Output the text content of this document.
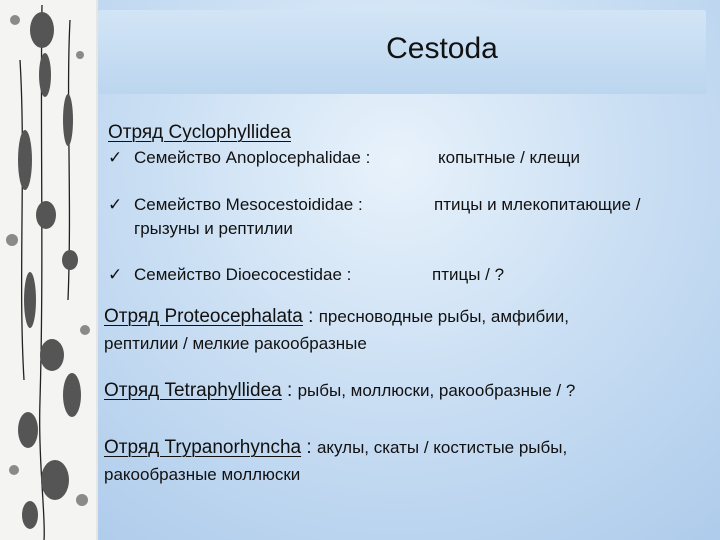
Cestoda
Отряд Cyclophyllidea
✓ Семейство Anoplocephalidae :	копытные / клещи
✓ Семейство Mesocestoididae :	птицы и млекопитающие /
грызуны и рептилии
✓ Семейство Dioecocestidae :	птицы / ?
Отряд Proteocephalata : пресноводные рыбы, амфибии,
рептилии / мелкие ракообразные
Отряд Tetraphyllidea : рыбы, моллюски, ракообразные / ?
Отряд Trypanorhyncha : акулы, скаты / костистые рыбы,
ракообразные моллюски
